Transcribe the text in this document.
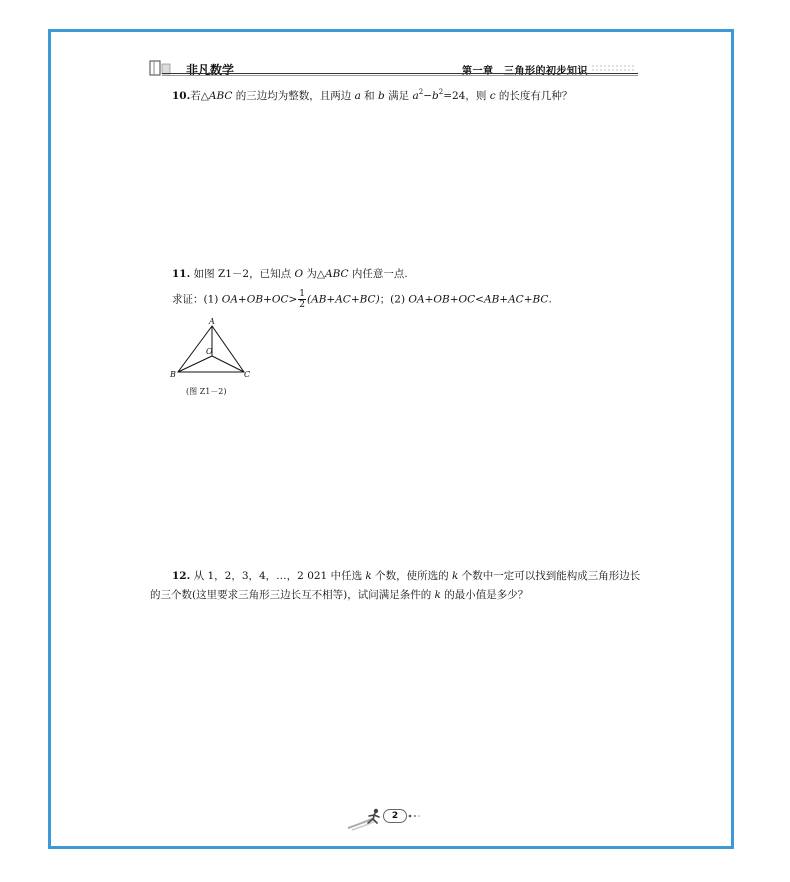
非凡数学	第一章　三角形的初步知识
10.若△ABC 的三边均为整数，且两边 a 和 b 满足 $a^2-b^2=24$，则 c 的长度有几种？
11. 如图 Z1－2，已知点 O 为△ABC 内任意一点.
求证：(1) $OA+OB+OC> \frac{1}{2} (AB+AC+BC)$；(2) OA+OB+OC<AB+AC+BC.
A
O
B	C
(图 Z1－2)
12. 从 1，2，3，4，…，2 021 中任选 k 个数，使所选的 k 个数中一定可以找到能构成三角形边长
的三个数(这里要求三角形三边长互不相等)，试问满足条件的 k 的最小值是多少？
2
